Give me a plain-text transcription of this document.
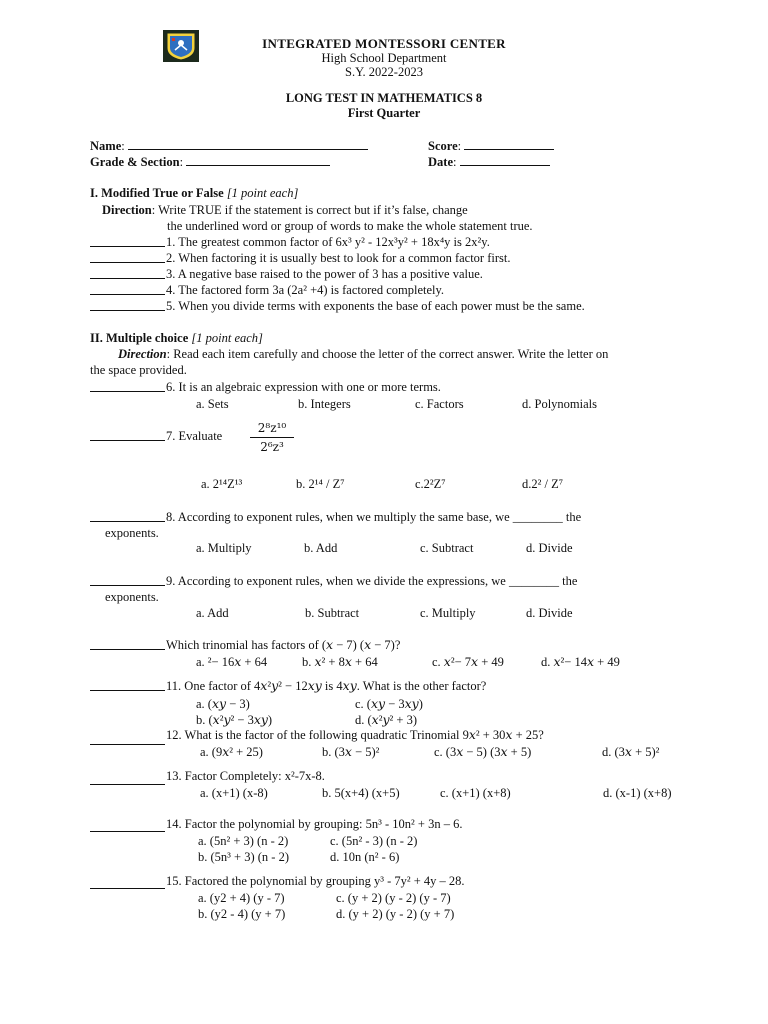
INTEGRATED MONTESSORI CENTER
High School Department
S.Y. 2022-2023
LONG TEST IN MATHEMATICS 8
First Quarter
Name:	Score:
Grade & Section:	Date:
I. Modified True or False [1 point each]
Direction: Write TRUE if the statement is correct but if it’s false, change
the underlined word or group of words to make the whole statement true.
1. The greatest common factor of 6x³ y² - 12x³y² + 18x⁴y is 2x²y.
2. When factoring it is usually best to look for a common factor first.
3. A negative base raised to the power of 3 has a positive value.
4. The factored form 3a (2a² +4) is factored completely.
5. When you divide terms with exponents the base of each power must be the same.
II. Multiple choice [1 point each]
Direction: Read each item carefully and choose the letter of the correct answer. Write the letter on
the space provided.
6. It is an algebraic expression with one or more terms.
a. Sets	b. Integers	c. Factors	d. Polynomials
7. Evaluate
2⁸z¹⁰
2⁶z³
a. 2¹⁴Z¹³	b. 2¹⁴ / Z⁷	c.2²Z⁷	d.2² / Z⁷
8. According to exponent rules, when we multiply the same base, we ________ the
exponents.
a. Multiply	b. Add	c. Subtract	d. Divide
9. According to exponent rules, when we divide the expressions, we ________ the
exponents.
a. Add	b. Subtract	c. Multiply	d. Divide
Which trinomial has factors of (𝑥 − 7) (𝑥 − 7)?
a. ²− 16𝑥 + 64	b. 𝑥² + 8𝑥 + 64	c. 𝑥²− 7𝑥 + 49	d. 𝑥²− 14𝑥 + 49
11. One factor of 4𝑥²𝑦² − 12𝑥𝑦 is 4𝑥𝑦. What is the other factor?
a. (𝑥𝑦 − 3)	c. (𝑥𝑦 − 3𝑥𝑦)
b. (𝑥²𝑦² − 3𝑥𝑦)	d. (𝑥²𝑦² + 3)
12. What is the factor of the following quadratic Trinomial 9𝑥² + 30𝑥 + 25?
a. (9𝑥² + 25)	b. (3𝑥 − 5)²	c. (3𝑥 − 5) (3𝑥 + 5)	d. (3𝑥 + 5)²
13. Factor Completely: x²-7x-8.
a. (x+1) (x-8)	b. 5(x+4) (x+5)	c. (x+1) (x+8)	d. (x-1) (x+8)
14. Factor the polynomial by grouping: 5n³ - 10n² + 3n – 6.
a. (5n² + 3) (n - 2)	c. (5n² - 3) (n - 2)
b. (5n³ + 3) (n - 2)	d. 10n (n² - 6)
15. Factored the polynomial by grouping y³ - 7y² + 4y – 28.
a. (y2 + 4) (y - 7)	c. (y + 2) (y - 2) (y - 7)
b. (y2 - 4) (y + 7)	d. (y + 2) (y - 2) (y + 7)
